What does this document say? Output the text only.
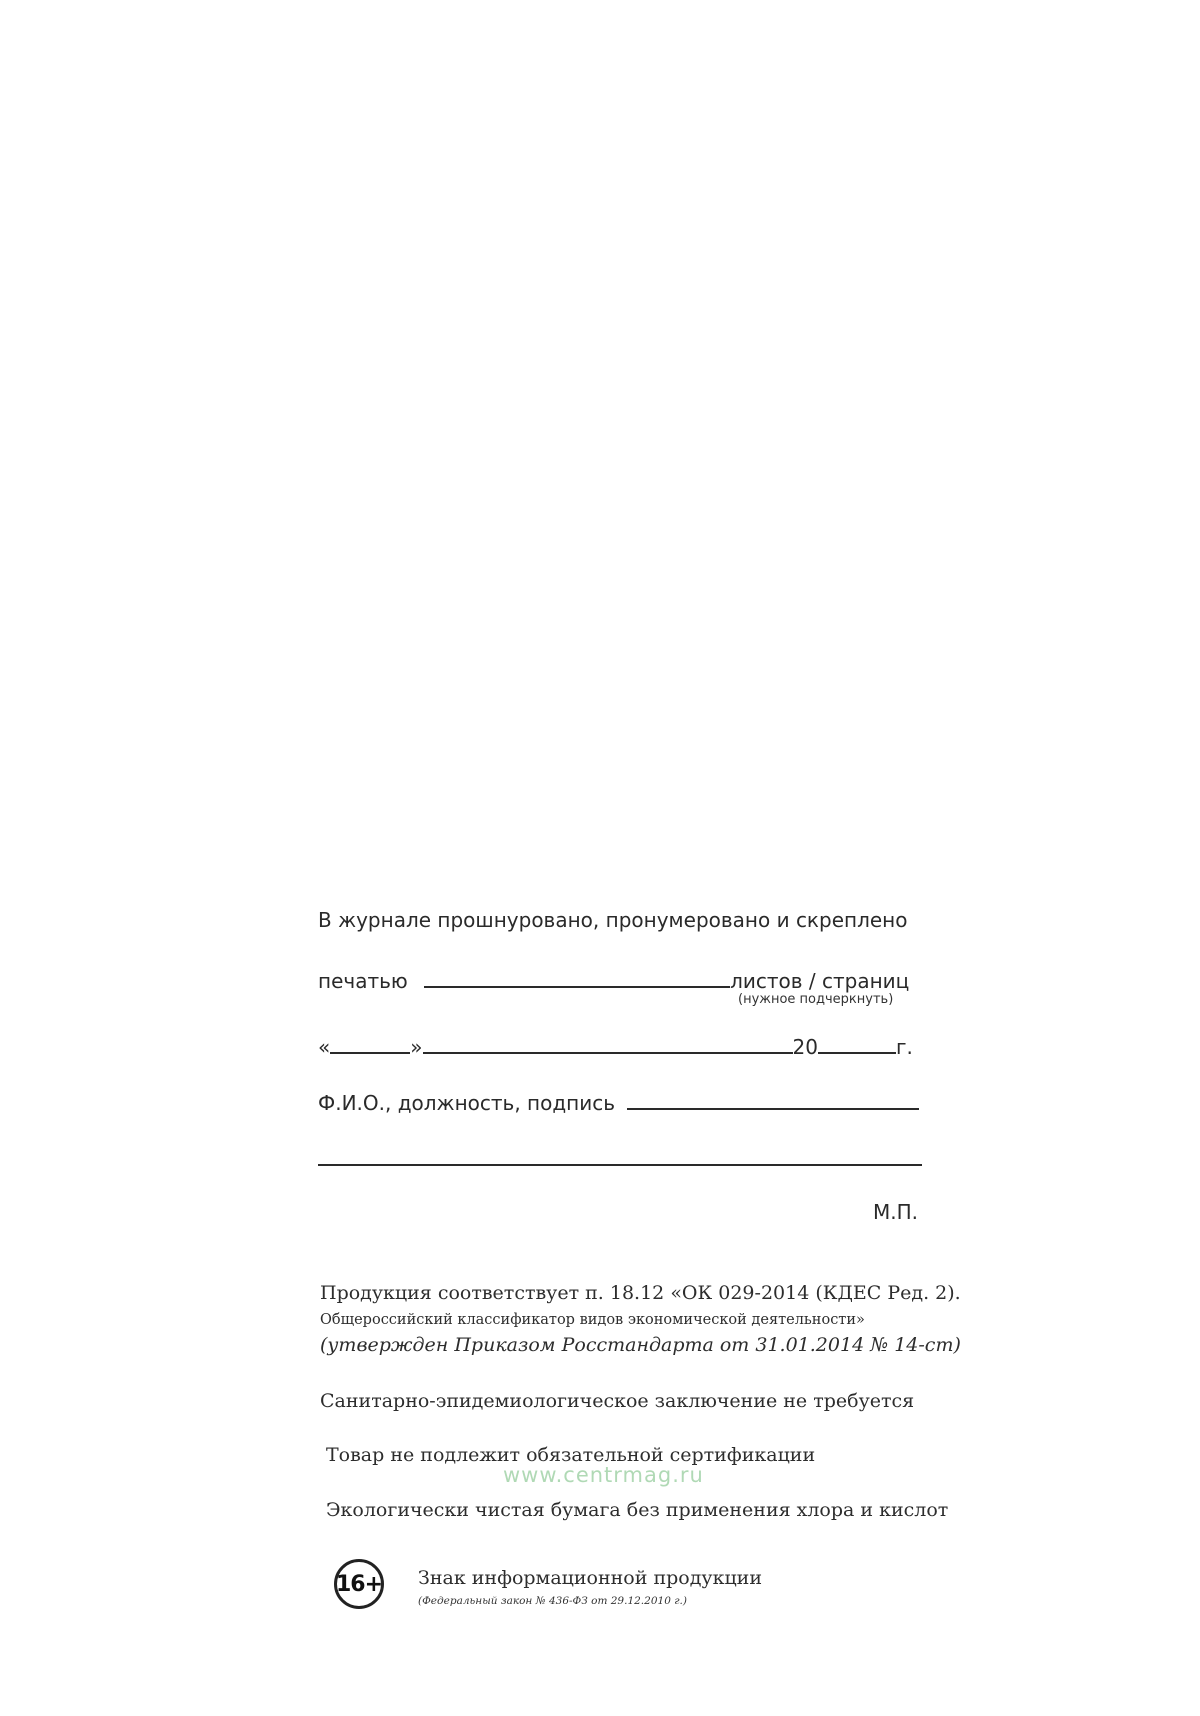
В журнале прошнуровано, пронумеровано и скреплено
печатью	листов / страниц
(нужное подчеркнуть)
«	»	20	г.
Ф.И.О., должность, подпись
М.П.
Продукция соответствует п. 18.12 «ОК 029-2014 (КДЕС Ред. 2).
Общероссийский классификатор видов экономической деятельности»
(утвержден Приказом Росстандарта от 31.01.2014 № 14-ст)
Санитарно-эпидемиологическое заключение не требуется
Товар не подлежит обязательной сертификации
Экологически чистая бумага без применения хлора и кислот
16+ Знак информационной продукции
(Федеральный закон № 436-ФЗ от 29.12.2010 г.)
www.centrmag.ru
